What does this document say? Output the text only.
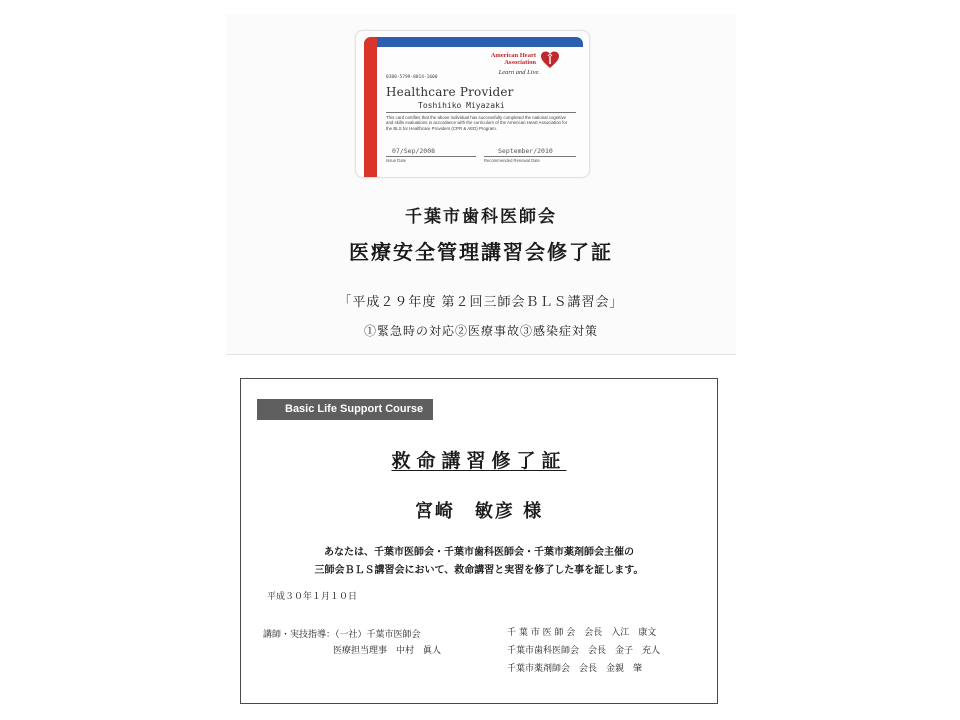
American Heart
Association
Learn and Live.
0380-5799-8014-1600
Healthcare Provider
Toshihiko Miyazaki
This card certifies that the above individual has successfully completed the national cognitive and skills evaluations in accordance with the curriculum of the American Heart Association for the BLS for Healthcare Providers (CPR & AED) Program.
07/Sep/2008	September/2010
Issue Date	Recommended Renewal Date
千葉市歯科医師会
医療安全管理講習会修了証
「平成２９年度 第２回三師会ＢＬＳ講習会」
①緊急時の対応②医療事故③感染症対策
Basic Life Support Course
救命講習修了証
宮崎　敏彦 様
あなたは、千葉市医師会・千葉市歯科医師会・千葉市薬剤師会主催の
三師会ＢＬＳ講習会において、救命講習と実習を修了した事を証します。
平成３０年１月１０日
講師・実技指導：（一社）千葉市医師会
医療担当理事　中村　眞人
千 葉 市 医 師 会　会長　入江　康文
千葉市歯科医師会　会長　金子　充人
千葉市薬剤師会　会長　金親　肇
